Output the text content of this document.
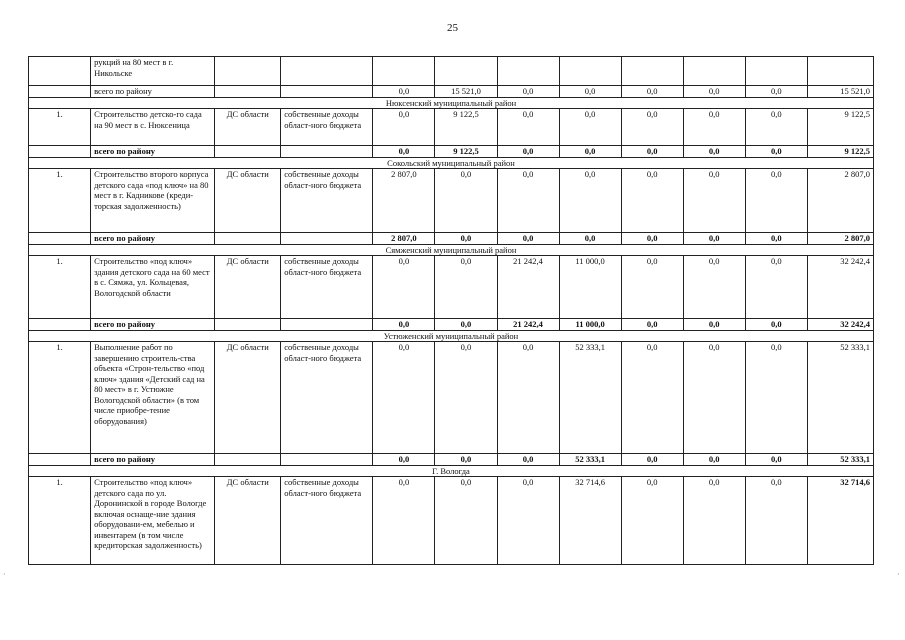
25
·	·
	рукций на 80 мест в г. Никольске										
	всего по району			0,0	15 521,0	0,0	0,0	0,0	0,0	0,0	15 521,0
Нюксенский муниципальный район											
1.	Строительство детско-го сада на 90 мест в с. Нюксеница	ДС области	собственные доходы област-ного бюджета	0,0	9 122,5	0,0	0,0	0,0	0,0	0,0	9 122,5
	всего по району			0,0	9 122,5	0,0	0,0	0,0	0,0	0,0	9 122,5
Сокольский муниципальный район											
1.	Строительство второго корпуса детского сада «под ключ» на 80 мест в г. Кадникове (креди-торская задолженность)	ДС области	собственные доходы област-ного бюджета	2 807,0	0,0	0,0	0,0	0,0	0,0	0,0	2 807,0
	всего по району			2 807,0	0,0	0,0	0,0	0,0	0,0	0,0	2 807,0
Сямженский муниципальный район											
1.	Строительство «под ключ» здания детского сада на 60 мест в с. Сямжа, ул. Кольцевая, Вологодской области	ДС области	собственные доходы област-ного бюджета	0,0	0,0	21 242,4	11 000,0	0,0	0,0	0,0	32 242,4
	всего по району			0,0	0,0	21 242,4	11 000,0	0,0	0,0	0,0	32 242,4
Устюженский муниципальный район											
1.	Выполнение работ по завершению строитель-ства объекта «Строн-тельство «под ключ» здания «Детский сад на 80 мест» в г. Устюжне Вологодской области» (в том числе приобре-тение оборудования)	ДС области	собственные доходы област-ного бюджета	0,0	0,0	0,0	52 333,1	0,0	0,0	0,0	52 333,1
	всего по району			0,0	0,0	0,0	52 333,1	0,0	0,0	0,0	52 333,1
Г. Вологда											
1.	Строительство «под ключ» детского сада по ул. Доронинской в городе Вологде включая оснаще-ние здания оборудовани-ем, мебелью и инвентарем (в том числе кредиторская задолженность)	ДС области	собственные доходы област-ного бюджета	0,0	0,0	0,0	32 714,6	0,0	0,0	0,0	32 714,6
